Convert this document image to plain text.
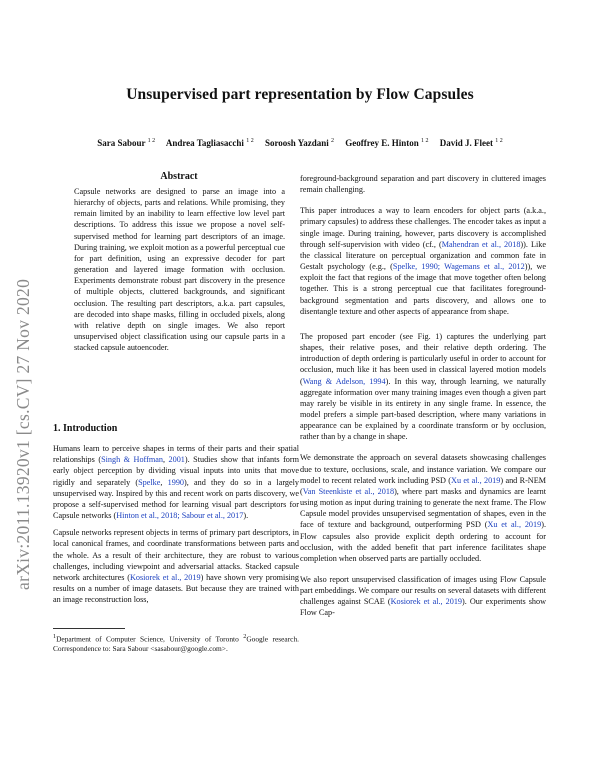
arXiv:2011.13920v1 [cs.CV] 27 Nov 2020
Unsupervised part representation by Flow Capsules
Sara Sabour $^{1 2}$ Andrea Tagliasacchi $^{1 2}$ Soroosh Yazdani $^2$ Geoffrey E. Hinton $^{1 2}$ David J. Fleet $^{1 2}$
Abstract

Capsule networks are designed to parse an image into a hierarchy of objects, parts and relations. While promising, they remain limited by an inability to learn effective low level part descriptions. To address this issue we propose a novel self-supervised method for learning part descriptors of an image. During training, we exploit motion as a powerful perceptual cue for part definition, using an expressive decoder for part generation and layered image formation with occlusion. Experiments demonstrate robust part discovery in the presence of multiple objects, cluttered backgrounds, and significant occlusion. The resulting part descriptors, a.k.a. part capsules, are decoded into shape masks, filling in occluded pixels, along with relative depth on single images. We also report unsupervised object classification using our capsule parts in a stacked capsule autoencoder.

1. Introduction

Humans learn to perceive shapes in terms of their parts and their spatial relationships (Singh & Hoffman, 2001). Studies show that infants form early object perception by dividing visual inputs into units that move rigidly and separately (Spelke, 1990), and they do so in a largely unsupervised way. Inspired by this and recent work on parts discovery, we propose a self-supervised method for learning visual part descriptors for Capsule networks (Hinton et al., 2018; Sabour et al., 2017).

Capsule networks represent objects in terms of primary part descriptors, in local canonical frames, and coordinate transformations between parts and the whole. As a result of their architecture, they are robust to various challenges, including viewpoint and adversarial attacks. Stacked capsule network architectures (Kosiorek et al., 2019) have shown very promising results on a number of image datasets. But because they are trained with an image reconstruction loss,

$^1$Department of Computer Science, University of Toronto $^2$Google research. Correspondence to: Sara Sabour <sasabour@google.com>.

foreground-background separation and part discovery in cluttered images remain challenging.

This paper introduces a way to learn encoders for object parts (a.k.a., primary capsules) to address these challenges. The encoder takes as input a single image. During training, however, parts discovery is accomplished through self-supervision with video (cf., (Mahendran et al., 2018)). Like the classical literature on perceptual organization and common fate in Gestalt psychology (e.g., (Spelke, 1990; Wagemans et al., 2012)), we exploit the fact that regions of the image that move together often belong together. This is a strong perceptual cue that facilitates foreground-background segmentation and parts discovery, and allows one to disentangle texture and other aspects of appearance from shape.

The proposed part encoder (see Fig. 1) captures the underlying part shapes, their relative poses, and their relative depth ordering. The introduction of depth ordering is particularly useful in order to account for occlusion, much like it has been used in classical layered motion models (Wang & Adelson, 1994). In this way, through learning, we naturally aggregate information over many training images even though a given part may rarely be visible in its entirety in any single frame. In essence, the model prefers a simple part-based description, where many variations in appearance can be explained by a coordinate transform or by occlusion, rather than by a change in shape.

We demonstrate the approach on several datasets showcasing challenges due to texture, occlusions, scale, and instance variation. We compare our model to recent related work including PSD (Xu et al., 2019) and R-NEM (Van Steenkiste et al., 2018), where part masks and dynamics are learnt using motion as input during training to generate the next frame. The Flow Capsule model provides unsupervised segmentation of shapes, even in the face of texture and background, outperforming PSD (Xu et al., 2019). Flow capsules also provide explicit depth ordering to account for occlusion, with the added benefit that part inference facilitates shape completion when observed parts are partially occluded.

We also report unsupervised classification of images using Flow Capsule part embeddings. We compare our results on several datasets with different challenges against SCAE (Kosiorek et al., 2019). Our experiments show Flow Cap-
